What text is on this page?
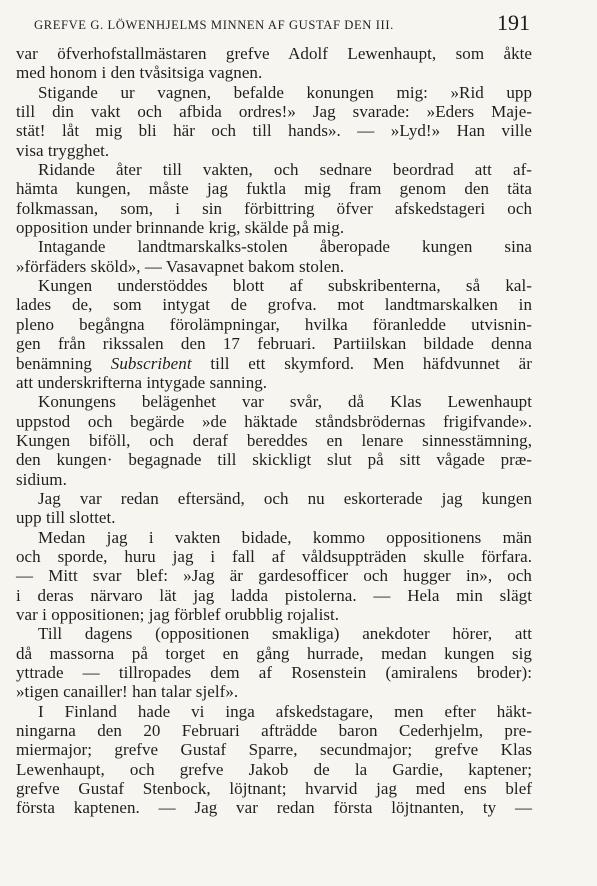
GREFVE G. LÖWENHJELMS MINNEN AF GUSTAF DEN III.	191
var öfverhofstallmästaren grefve Adolf Lewenhaupt, som åkte
med honom i den tvåsitsiga vagnen.
Stigande ur vagnen, befalde konungen mig: »Rid upp
till din vakt och afbida ordres!» Jag svarade: »Eders Maje-
stät! låt mig bli här och till hands». — »Lyd!» Han ville
visa trygghet.
Ridande åter till vakten, och sednare beordrad att af-
hämta kungen, måste jag fuktla mig fram genom den täta
folkmassan, som, i sin förbittring öfver afskedstageri och
opposition under brinnande krig, skälde på mig.
Intagande landtmarskalks-stolen åberopade kungen sina
»förfäders sköld», — Vasavapnet bakom stolen.
Kungen understöddes blott af subskribenterna, så kal-
lades de, som intygat de grofva. mot landtmarskalken in
pleno begångna förolämpningar, hvilka föranledde utvisnin-
gen från rikssalen den 17 februari. Partiilskan bildade denna
benämning Subscribent till ett skymford. Men häfdvunnet är
att underskrifterna intygade sanning.
Konungens belägenhet var svår, då Klas Lewenhaupt
uppstod och begärde »de häktade ståndsbrödernas frigifvande».
Kungen biföll, och deraf bereddes en lenare sinnesstämning,
den kungen· begagnade till skickligt slut på sitt vågade præ-
sidium.
Jag var redan eftersänd, och nu eskorterade jag kungen
upp till slottet.
Medan jag i vakten bidade, kommo oppositionens män
och sporde, huru jag i fall af våldsuppträden skulle förfara.
— Mitt svar blef: »Jag är gardesofficer och hugger in», och
i deras närvaro lät jag ladda pistolerna. — Hela min slägt
var i oppositionen; jag förblef orubblig rojalist.
Till dagens (oppositionen smakliga) anekdoter hörer, att
då massorna på torget en gång hurrade, medan kungen sig
yttrade — tillropades dem af Rosenstein (amiralens broder):
»tigen canailler! han talar sjelf».
I Finland hade vi inga afskedstagare, men efter häkt-
ningarna den 20 Februari afträdde baron Cederhjelm, pre-
miermajor; grefve Gustaf Sparre, secundmajor; grefve Klas
Lewenhaupt, och grefve Jakob de la Gardie, kaptener;
grefve Gustaf Stenbock, löjtnant; hvarvid jag med ens blef
första kaptenen. — Jag var redan första löjtnanten, ty —
